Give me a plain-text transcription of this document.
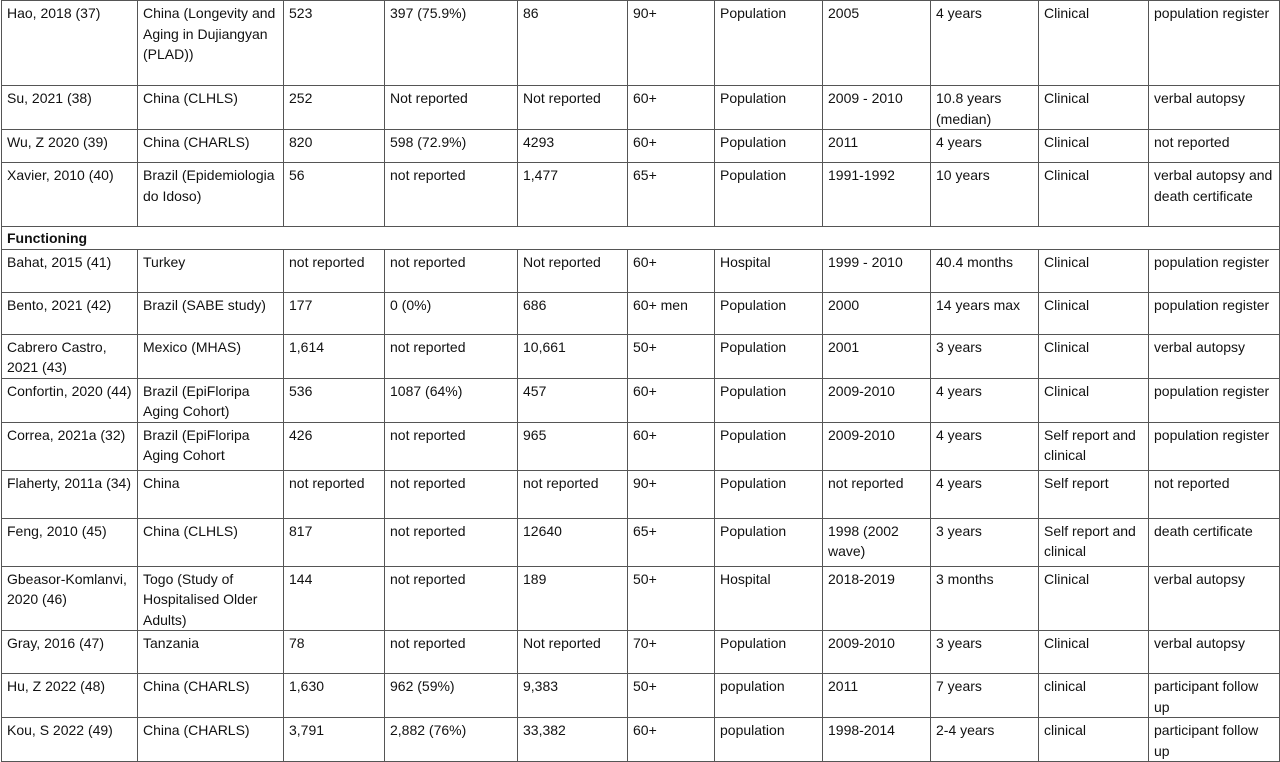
Hao, 2018 (37)	China (Longevity and Aging in Dujiangyan (PLAD))	523	397 (75.9%)	86	90+	Population	2005	4 years	Clinical	population register
Su, 2021 (38)	China (CLHLS)	252	Not reported	Not reported	60+	Population	2009 - 2010	10.8 years (median)	Clinical	verbal autopsy
Wu, Z 2020 (39)	China (CHARLS)	820	598 (72.9%)	4293	60+	Population	2011	4 years	Clinical	not reported
Xavier, 2010 (40)	Brazil (Epidemiologia do Idoso)	56	not reported	1,477	65+	Population	1991-1992	10 years	Clinical	verbal autopsy and death certificate
Functioning										
Bahat, 2015 (41)	Turkey	not reported	not reported	Not reported	60+	Hospital	1999 - 2010	40.4 months	Clinical	population register
Bento, 2021 (42)	Brazil (SABE study)	177	0 (0%)	686	60+ men	Population	2000	14 years max	Clinical	population register
Cabrero Castro, 2021 (43)	Mexico (MHAS)	1,614	not reported	10,661	50+	Population	2001	3 years	Clinical	verbal autopsy
Confortin, 2020 (44)	Brazil (EpiFloripa Aging Cohort)	536	1087 (64%)	457	60+	Population	2009-2010	4 years	Clinical	population register
Correa, 2021a (32)	Brazil (EpiFloripa Aging Cohort	426	not reported	965	60+	Population	2009-2010	4 years	Self report and clinical	population register
Flaherty, 2011a (34)	China	not reported	not reported	not reported	90+	Population	not reported	4 years	Self report	not reported
Feng, 2010 (45)	China (CLHLS)	817	not reported	12640	65+	Population	1998 (2002 wave)	3 years	Self report and clinical	death certificate
Gbeasor-Komlanvi, 2020 (46)	Togo (Study of Hospitalised Older Adults)	144	not reported	189	50+	Hospital	2018-2019	3 months	Clinical	verbal autopsy
Gray, 2016 (47)	Tanzania	78	not reported	Not reported	70+	Population	2009-2010	3 years	Clinical	verbal autopsy
Hu, Z 2022 (48)	China (CHARLS)	1,630	962 (59%)	9,383	50+	population	2011	7 years	clinical	participant follow up
Kou, S 2022 (49)	China (CHARLS)	3,791	2,882 (76%)	33,382	60+	population	1998-2014	2-4 years	clinical	participant follow up
